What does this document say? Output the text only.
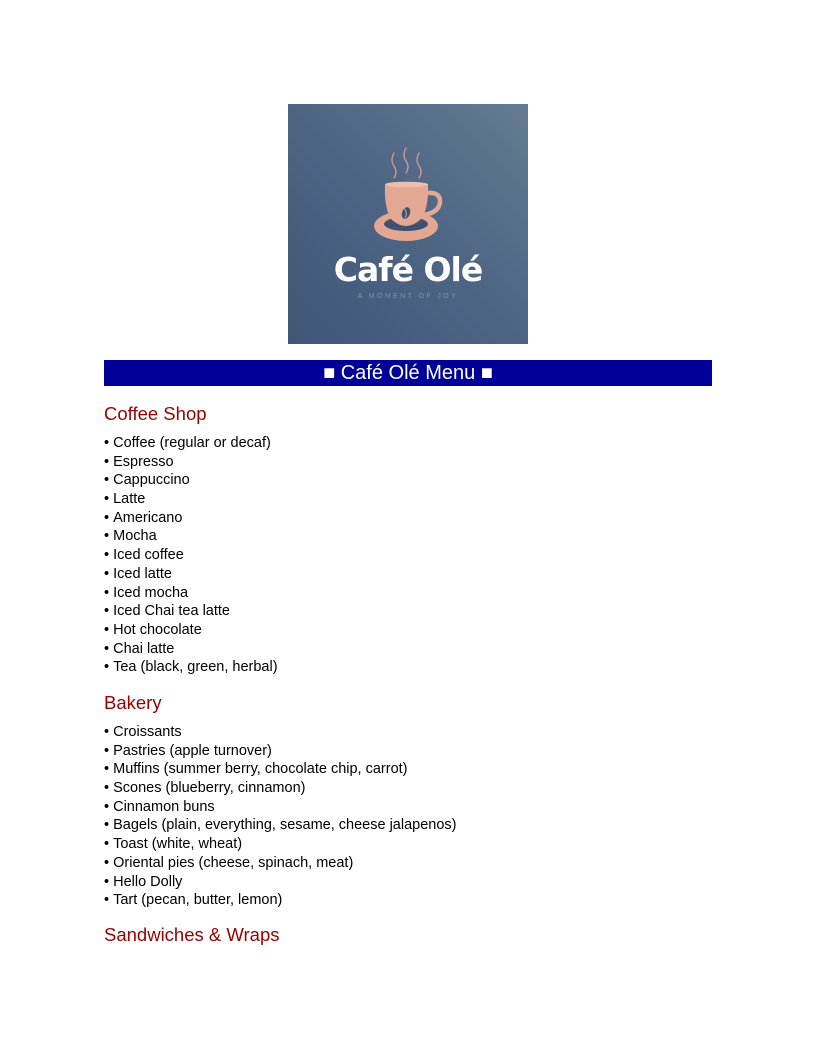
Café Olé
A MOMENT OF JOY
■ Café Olé Menu ■
Coffee Shop
• Coffee (regular or decaf)
• Espresso
• Cappuccino
• Latte
• Americano
• Mocha
• Iced coffee
• Iced latte
• Iced mocha
• Iced Chai tea latte
• Hot chocolate
• Chai latte
• Tea (black, green, herbal)
Bakery
• Croissants
• Pastries (apple turnover)
• Muffins (summer berry, chocolate chip, carrot)
• Scones (blueberry, cinnamon)
• Cinnamon buns
• Bagels (plain, everything, sesame, cheese jalapenos)
• Toast (white, wheat)
• Oriental pies (cheese, spinach, meat)
• Hello Dolly
• Tart (pecan, butter, lemon)
Sandwiches & Wraps
